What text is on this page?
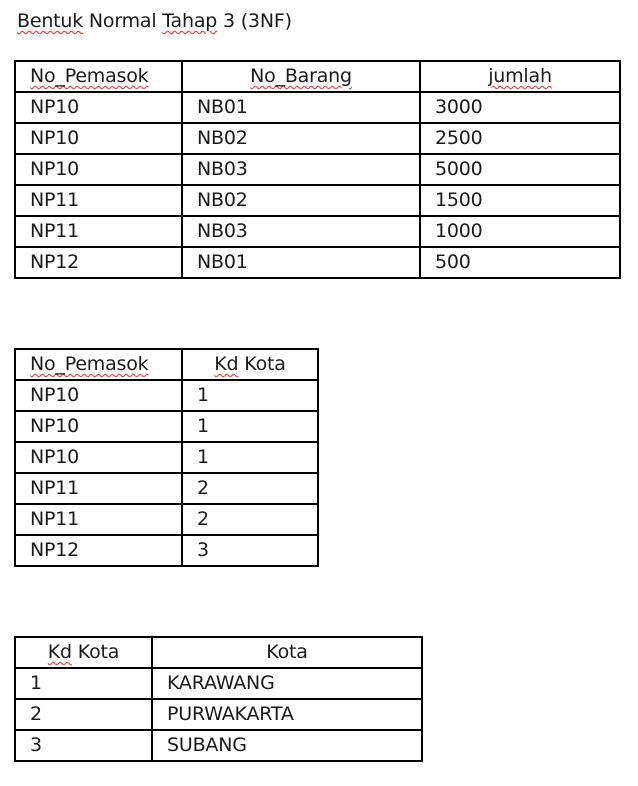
Bentuk Normal Tahap 3 (3NF)
No_Pemasok	No_Barang	jumlah
NP10	NB01	3000
NP10	NB02	2500
NP10	NB03	5000
NP11	NB02	1500
NP11	NB03	1000
NP12	NB01	500
No_Pemasok	Kd Kota
NP10	1
NP10	1
NP10	1
NP11	2
NP11	2
NP12	3
Kd Kota	Kota
1	KARAWANG
2	PURWAKARTA
3	SUBANG
